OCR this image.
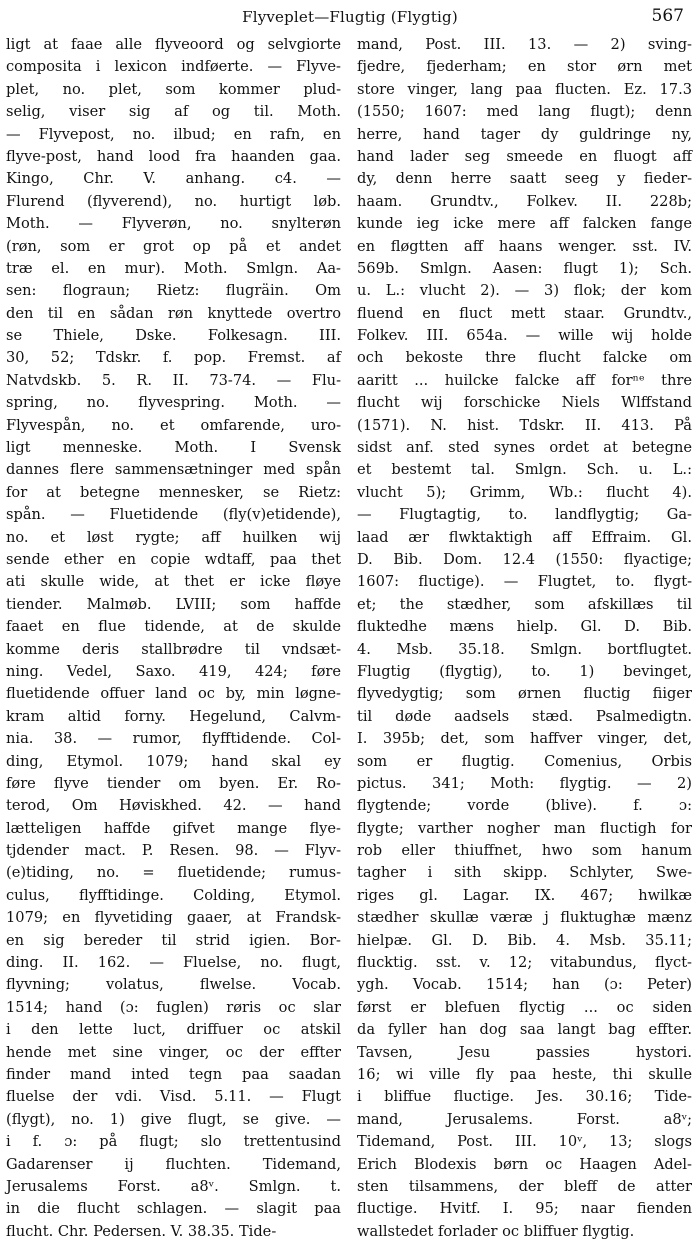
Flyveplet—Flugtig (Flygtig)	567
ligt at faae alle flyveoord og selvgiorte
composita i lexicon indføerte. — Flyve-
plet, no. plet, som kommer plud-
selig, viser sig af og til. Moth.
— Flyvepost, no. ilbud; en rafn, en
flyve-post, hand lood fra haanden gaa.
Kingo, Chr. V. anhang. c4. —
Flurend (flyverend), no. hurtigt løb.
Moth. — Flyverøn, no. snylterøn
(røn, som er grot op på et andet
træ el. en mur). Moth. Smlgn. Aa-
sen: flograun; Rietz: flugräin. Om
den til en sådan røn knyttede overtro
se Thiele, Dske. Folkesagn. III.
30, 52; Tdskr. f. pop. Fremst. af
Natvdskb. 5. R. II. 73-74. — Flu-
spring, no. flyvespring. Moth. —
Flyvespån, no. et omfarende, uro-
ligt menneske. Moth. I Svensk
dannes flere sammensætninger med spån
for at betegne mennesker, se Rietz:
spån. — Fluetidende (fly(v)etidende),
no. et løst rygte; aff huilken wij
sende ether en copie wdtaff, paa thet
ati skulle wide, at thet er icke fløye
tiender. Malmøb. LVIII; som haffde
faaet en flue tidende, at de skulde
komme deris stallbrødre til vndsæt-
ning. Vedel, Saxo. 419, 424; føre
fluetidende offuer land oc by, min løgne-
kram altid forny. Hegelund, Calvm-
nia. 38. — rumor, flyfftidende. Col-
ding, Etymol. 1079; hand skal ey
føre flyve tiender om byen. Er. Ro-
terod, Om Høviskhed. 42. — hand
lætteligen haffde gifvet mange flye-
tjdender mact. P. Resen. 98. — Flyv-
(e)tiding, no. = fluetidende; rumus-
culus, flyfftidinge. Colding, Etymol.
1079; en flyvetiding gaaer, at Frandsk-
en sig bereder til strid igien. Bor-
ding. II. 162. — Fluelse, no. flugt,
flyvning; volatus, flwelse. Vocab.
1514; hand (ɔ: fuglen) røris oc slar
i den lette luct, driffuer oc atskil
hende met sine vinger, oc der effter
finder mand inted tegn paa saadan
fluelse der vdi. Visd. 5.11. — Flugt
(flygt), no. 1) give flugt, se give. —
i f. ɔ: på flugt; slo trettentusind
Gadarenser ij fluchten. Tidemand,
Jerusalems Forst. a8ᵛ. Smlgn. t.
in die flucht schlagen. — slagit paa
flucht. Chr. Pedersen. V. 38.35. Tide-
mand, Post. III. 13. — 2) sving-
fjedre, fjederham; en stor ørn met
store vinger, lang paa flucten. Ez. 17.3
(1550; 1607: med lang flugt); denn
herre, hand tager dy guldringe ny,
hand lader seg smeede en fluogt aff
dy, denn herre saatt seeg y fieder-
haam. Grundtv., Folkev. II. 228b;
kunde ieg icke mere aff falcken fange
en fløgtten aff haans wenger. sst. IV.
569b. Smlgn. Aasen: flugt 1); Sch.
u. L.: vlucht 2). — 3) flok; der kom
fluend en fluct mett staar. Grundtv.,
Folkev. III. 654a. — wille wij holde
och bekoste thre flucht falcke om
aaritt ... huilcke falcke aff forⁿᵉ thre
flucht wij forschicke Niels Wlffstand
(1571). N. hist. Tdskr. II. 413. På
sidst anf. sted synes ordet at betegne
et bestemt tal. Smlgn. Sch. u. L.:
vlucht 5); Grimm, Wb.: flucht 4).
— Flugtagtig, to. landflygtig; Ga-
laad ær flwktaktigh aff Effraim. Gl.
D. Bib. Dom. 12.4 (1550: flyactige;
1607: fluctige). — Flugtet, to. flygt-
et; the stædher, som afskillæs til
fluktedhe mæns hielp. Gl. D. Bib.
4. Msb. 35.18. Smlgn. bortflugtet.
Flugtig (flygtig), to. 1) bevinget,
flyvedygtig; som ørnen fluctig fiiger
til døde aadsels stæd. Psalmedigtn.
I. 395b; det, som haffver vinger, det,
som er flugtig. Comenius, Orbis
pictus. 341; Moth: flygtig. — 2)
flygtende; vorde (blive). f. ɔ:
flygte; varther nogher man fluctigh for
rob eller thiuffnet, hwo som hanum
tagher i sith skipp. Schlyter, Swe-
riges gl. Lagar. IX. 467; hwilkæ
stædher skullæ væræ j fluktughæ mænz
hielpæ. Gl. D. Bib. 4. Msb. 35.11;
flucktig. sst. v. 12; vitabundus, flyct-
ygh. Vocab. 1514; han (ɔ: Peter)
først er blefuen flyctig ... oc siden
da fyller han dog saa langt bag effter.
Tavsen, Jesu passies hystori.
16; wi ville fly paa heste, thi skulle
i bliffue fluctige. Jes. 30.16; Tide-
mand, Jerusalems. Forst. a8ᵛ;
Tidemand, Post. III. 10ᵛ, 13; slogs
Erich Blodexis børn oc Haagen Adel-
sten tilsammens, der bleff de atter
fluctige. Hvitf. I. 95; naar fienden
wallstedet forlader oc bliffuer flygtig.
